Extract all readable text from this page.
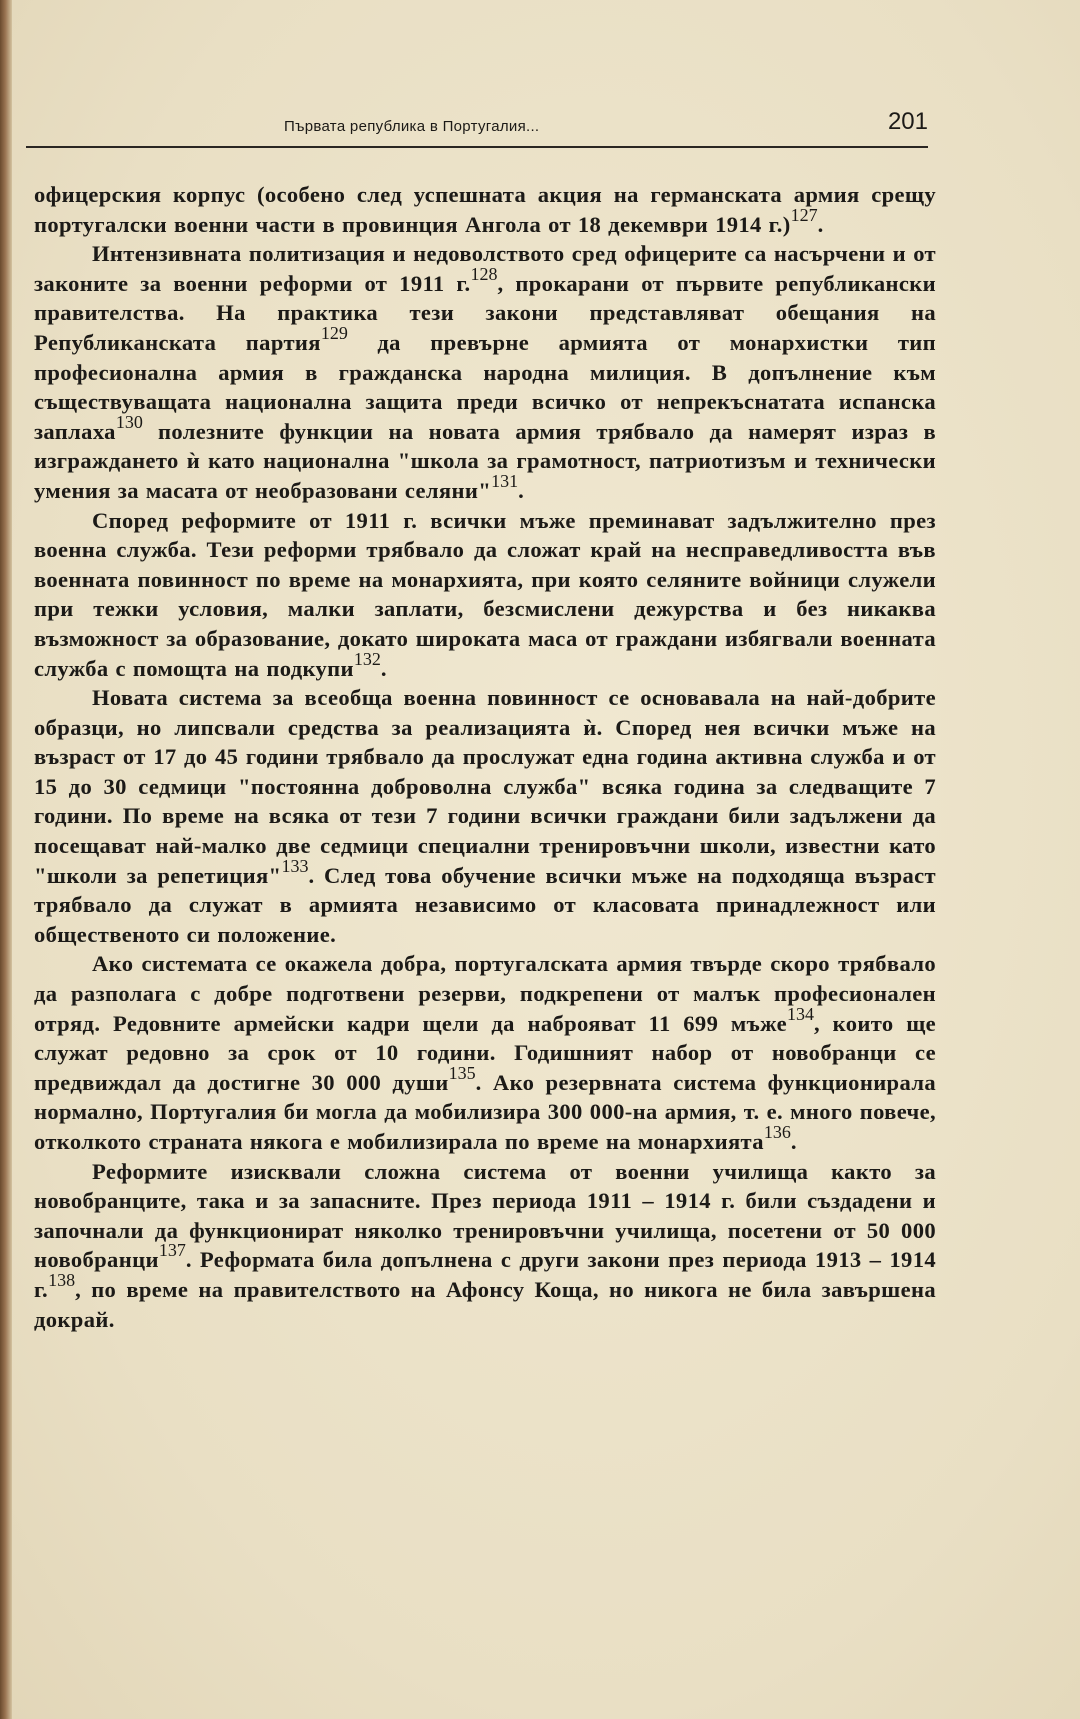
Първата република в Португалия...	201

офицерския корпус (особено след успешната акция на германската армия срещу португалски военни части в провинция Ангола от 18 декември 1914 г.)$^{127}$.

Интензивната политизация и недоволството сред офицерите са насърчени и от законите за военни реформи от 1911 г.$^{128}$, прокарани от първите републикански правителства. На практика тези закони представляват обещания на Републиканската партия$^{129}$ да превърне армията от монархистки тип професионална армия в гражданска народна милиция. В допълнение към съществуващата национална защита преди всичко от непрекъснатата испанска заплаха$^{130}$ полезните функции на новата армия трябвало да намерят израз в изграждането ѝ като национална "школа за грамотност, патриотизъм и технически умения за масата от необразовани селяни"$^{131}$.

Според реформите от 1911 г. всички мъже преминават задължително през военна служба. Тези реформи трябвало да сложат край на несправедливостта във военната повинност по време на монархията, при която селяните войници служели при тежки условия, малки заплати, безсмислени дежурства и без никаква възможност за образование, докато широката маса от граждани избягвали военната служба с помощта на подкупи$^{132}$.

Новата система за всеобща военна повинност се основавала на най-добрите образци, но липсвали средства за реализацията ѝ. Според нея всички мъже на възраст от 17 до 45 години трябвало да прослужат една година активна служба и от 15 до 30 седмици "постоянна доброволна служба" всяка година за следващите 7 години. По време на всяка от тези 7 години всички граждани били задължени да посещават най-малко две седмици специални тренировъчни школи, известни като "школи за репетиция"$^{133}$. След това обучение всички мъже на подходяща възраст трябвало да служат в армията независимо от класовата принадлежност или общественото си положение.

Ако системата се окажела добра, португалската армия твърде скоро трябвало да разполага с добре подготвени резерви, подкрепени от малък професионален отряд. Редовните армейски кадри щели да наброяват 11 699 мъже$^{134}$, които ще служат редовно за срок от 10 години. Годишният набор от новобранци се предвиждал да достигне 30 000 души$^{135}$. Ако резервната система функционирала нормално, Португалия би могла да мобилизира 300 000-на армия, т. е. много повече, отколкото страната някога е мобилизирала по време на монархията$^{136}$.

Реформите изисквали сложна система от военни училища както за новобранците, така и за запасните. През периода 1911 – 1914 г. били създадени и започнали да функционират няколко тренировъчни училища, посетени от 50 000 новобранци$^{137}$. Реформата била допълнена с други закони през периода 1913 – 1914 г.$^{138}$, по време на правителството на Афонсу Коща, но никога не била завършена докрай.
